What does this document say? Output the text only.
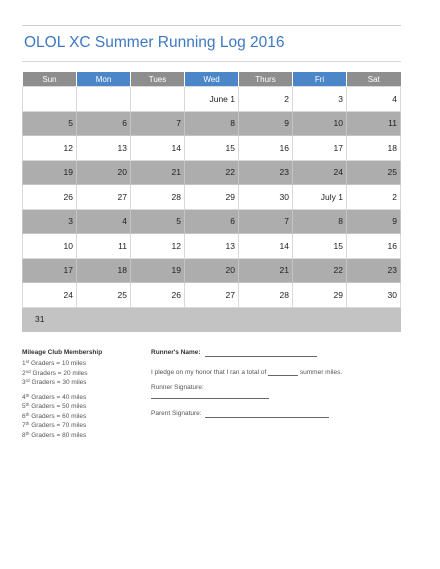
OLOL XC Summer Running Log 2016
Sun	Mon	Tues	Wed	Thurs	Fri	Sat
			June 1	2	3	4
5	6	7	8	9	10	11
12	13	14	15	16	17	18
19	20	21	22	23	24	25
26	27	28	29	30	July 1	2
3	4	5	6	7	8	9
10	11	12	13	14	15	16
17	18	19	20	21	22	23
24	25	26	27	28	29	30
31						
Mileage Club Membership
1st Graders = 10 miles
2nd Graders = 20 miles
3rd Graders = 30 miles
4th Graders = 40 miles
5th Graders = 50 miles
6th Graders = 60 miles
7th Graders = 70 miles
8th Graders = 80 miles
Runner's Name:
I pledge on my honor that I ran a total of	summer miles.
Runner Signature:
Parent Signature:
